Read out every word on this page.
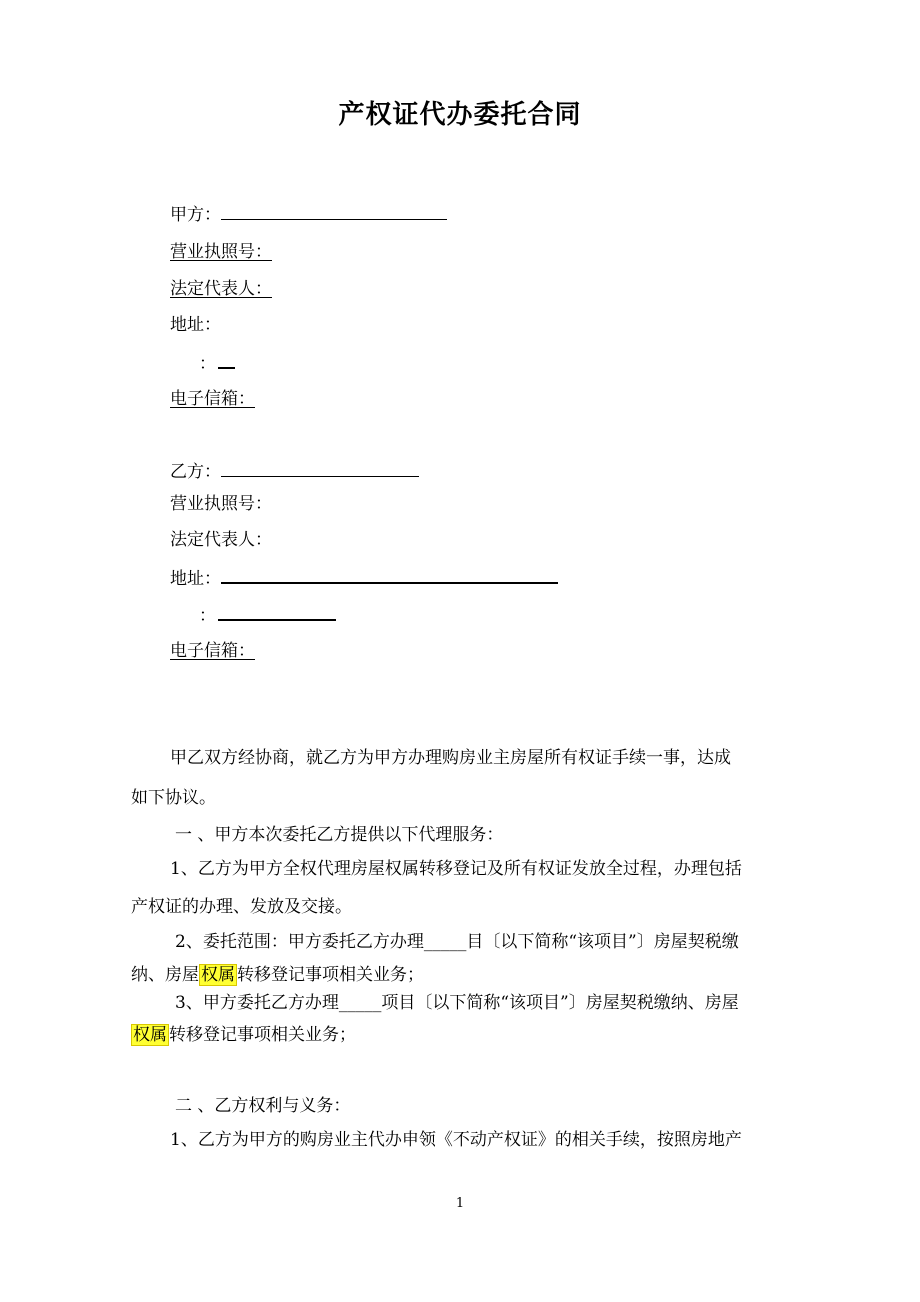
产权证代办委托合同
甲方：
营业执照号：
法定代表人：
地址：
：
电子信箱：
乙方：
营业执照号：
法定代表人：
地址：
：
电子信箱：
甲乙双方经协商，就乙方为甲方办理购房业主房屋所有权证手续一事，达成
如下协议。
一 、甲方本次委托乙方提供以下代理服务：
1、乙方为甲方全权代理房屋权属转移登记及所有权证发放全过程，办理包括
产权证的办理、发放及交接。
2、委托范围：甲方委托乙方办理_____目〔以下简称“该项目”〕房屋契税缴
纳、房屋 权属 转移登记事项相关业务；
3、甲方委托乙方办理_____项目〔以下简称“该项目”〕房屋契税缴纳、房屋
权属 转移登记事项相关业务；
二 、乙方权利与义务：
1、乙方为甲方的购房业主代办申领《不动产权证》的相关手续，按照房地产
1
